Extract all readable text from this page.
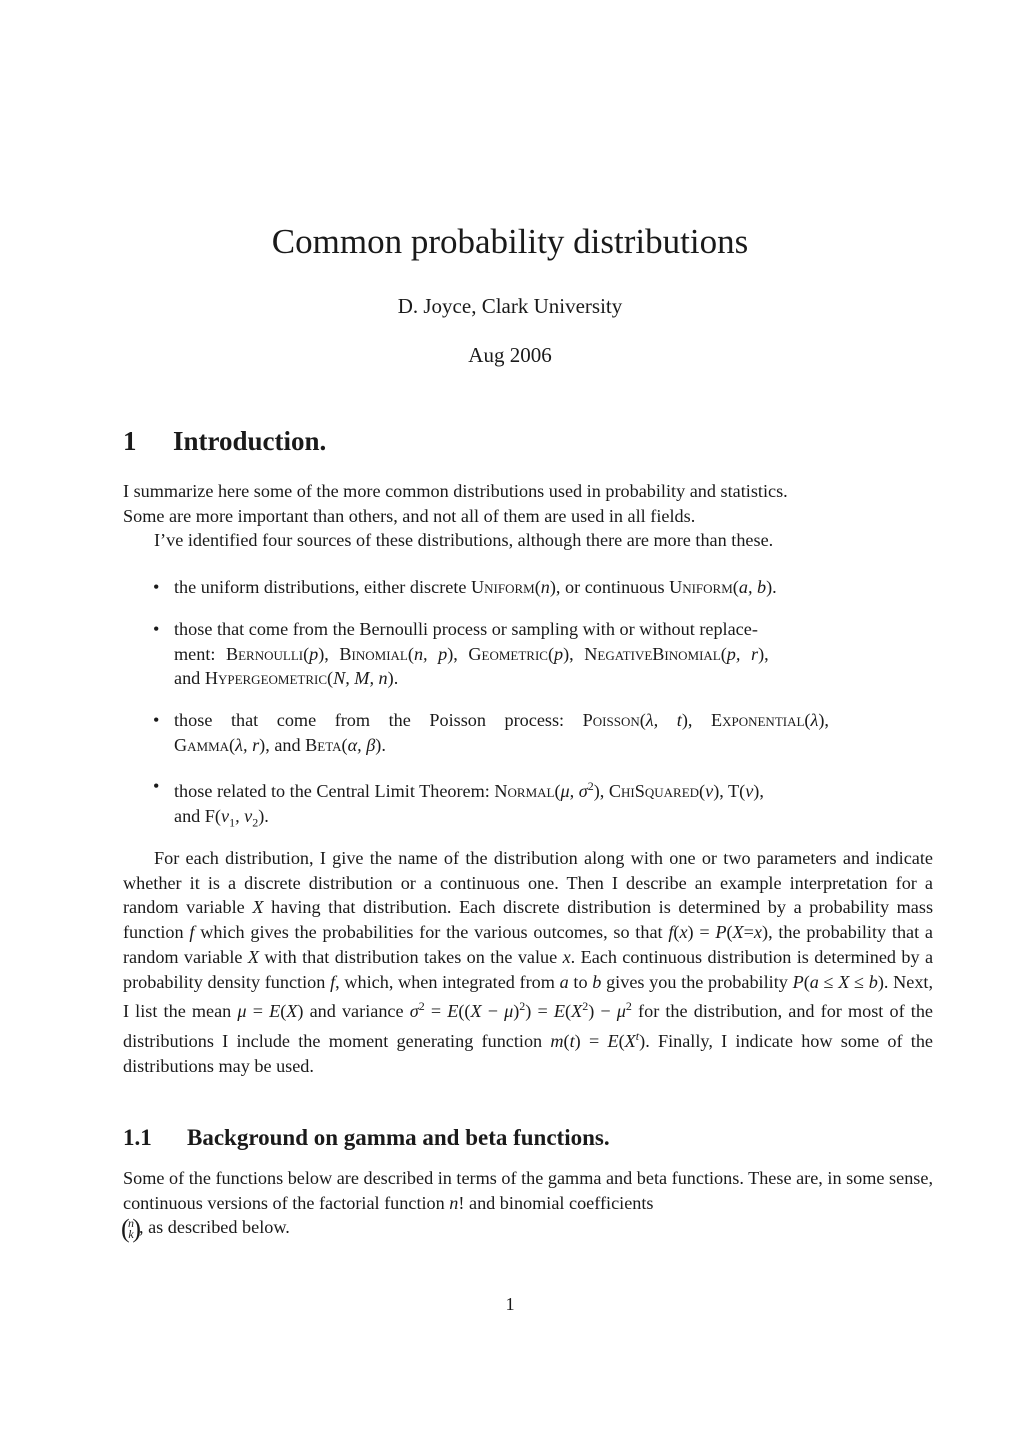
Common probability distributions
D. Joyce, Clark University
Aug 2006
1 Introduction.
I summarize here some of the more common distributions used in probability and statistics.
Some are more important than others, and not all of them are used in all fields.
I’ve identified four sources of these distributions, although there are more than these.
• the uniform distributions, either discrete Uniform(n), or continuous Uniform(a, b).
• those that come from the Bernoulli process or sampling with or without replace-
ment: Bernoulli(p), Binomial(n, p), Geometric(p), NegativeBinomial(p, r),
and Hypergeometric(N, M, n).
• those that come from the Poisson process: Poisson(λ, t), Exponential(λ),
Gamma(λ, r), and Beta(α, β).
• those related to the Central Limit Theorem: Normal(μ, $\sigma^2$), ChiSquared(ν), T(ν),
and $F(\nu_1$, $\nu_2$).
For each distribution, I give the name of the distribution along with one or two parameters and indicate whether it is a discrete distribution or a continuous one. Then I describe an example interpretation for a random variable X having that distribution. Each discrete distribution is determined by a probability mass function f which gives the probabilities for the various outcomes, so that f(x) = P(X=x), the probability that a random variable X with that distribution takes on the value x. Each continuous distribution is determined by a probability density function f, which, when integrated from a to b gives you the probability P(a ≤ X ≤ b). Next, I list the mean μ = E(X) and variance $\sigma^2 = E((X - \mu)^2) = E(X^2) - \mu^2$ for the distribution, and for most of the distributions I include the moment generating function $m(t) = E(X^t)$. Finally, I indicate how some of the distributions may be used.
1.1 Background on gamma and beta functions.
Some of the functions below are described in terms of the gamma and beta functions. These are, in some sense, continuous versions of the factorial function n! and binomial coefficients
( n
k ) , as described below.
1
